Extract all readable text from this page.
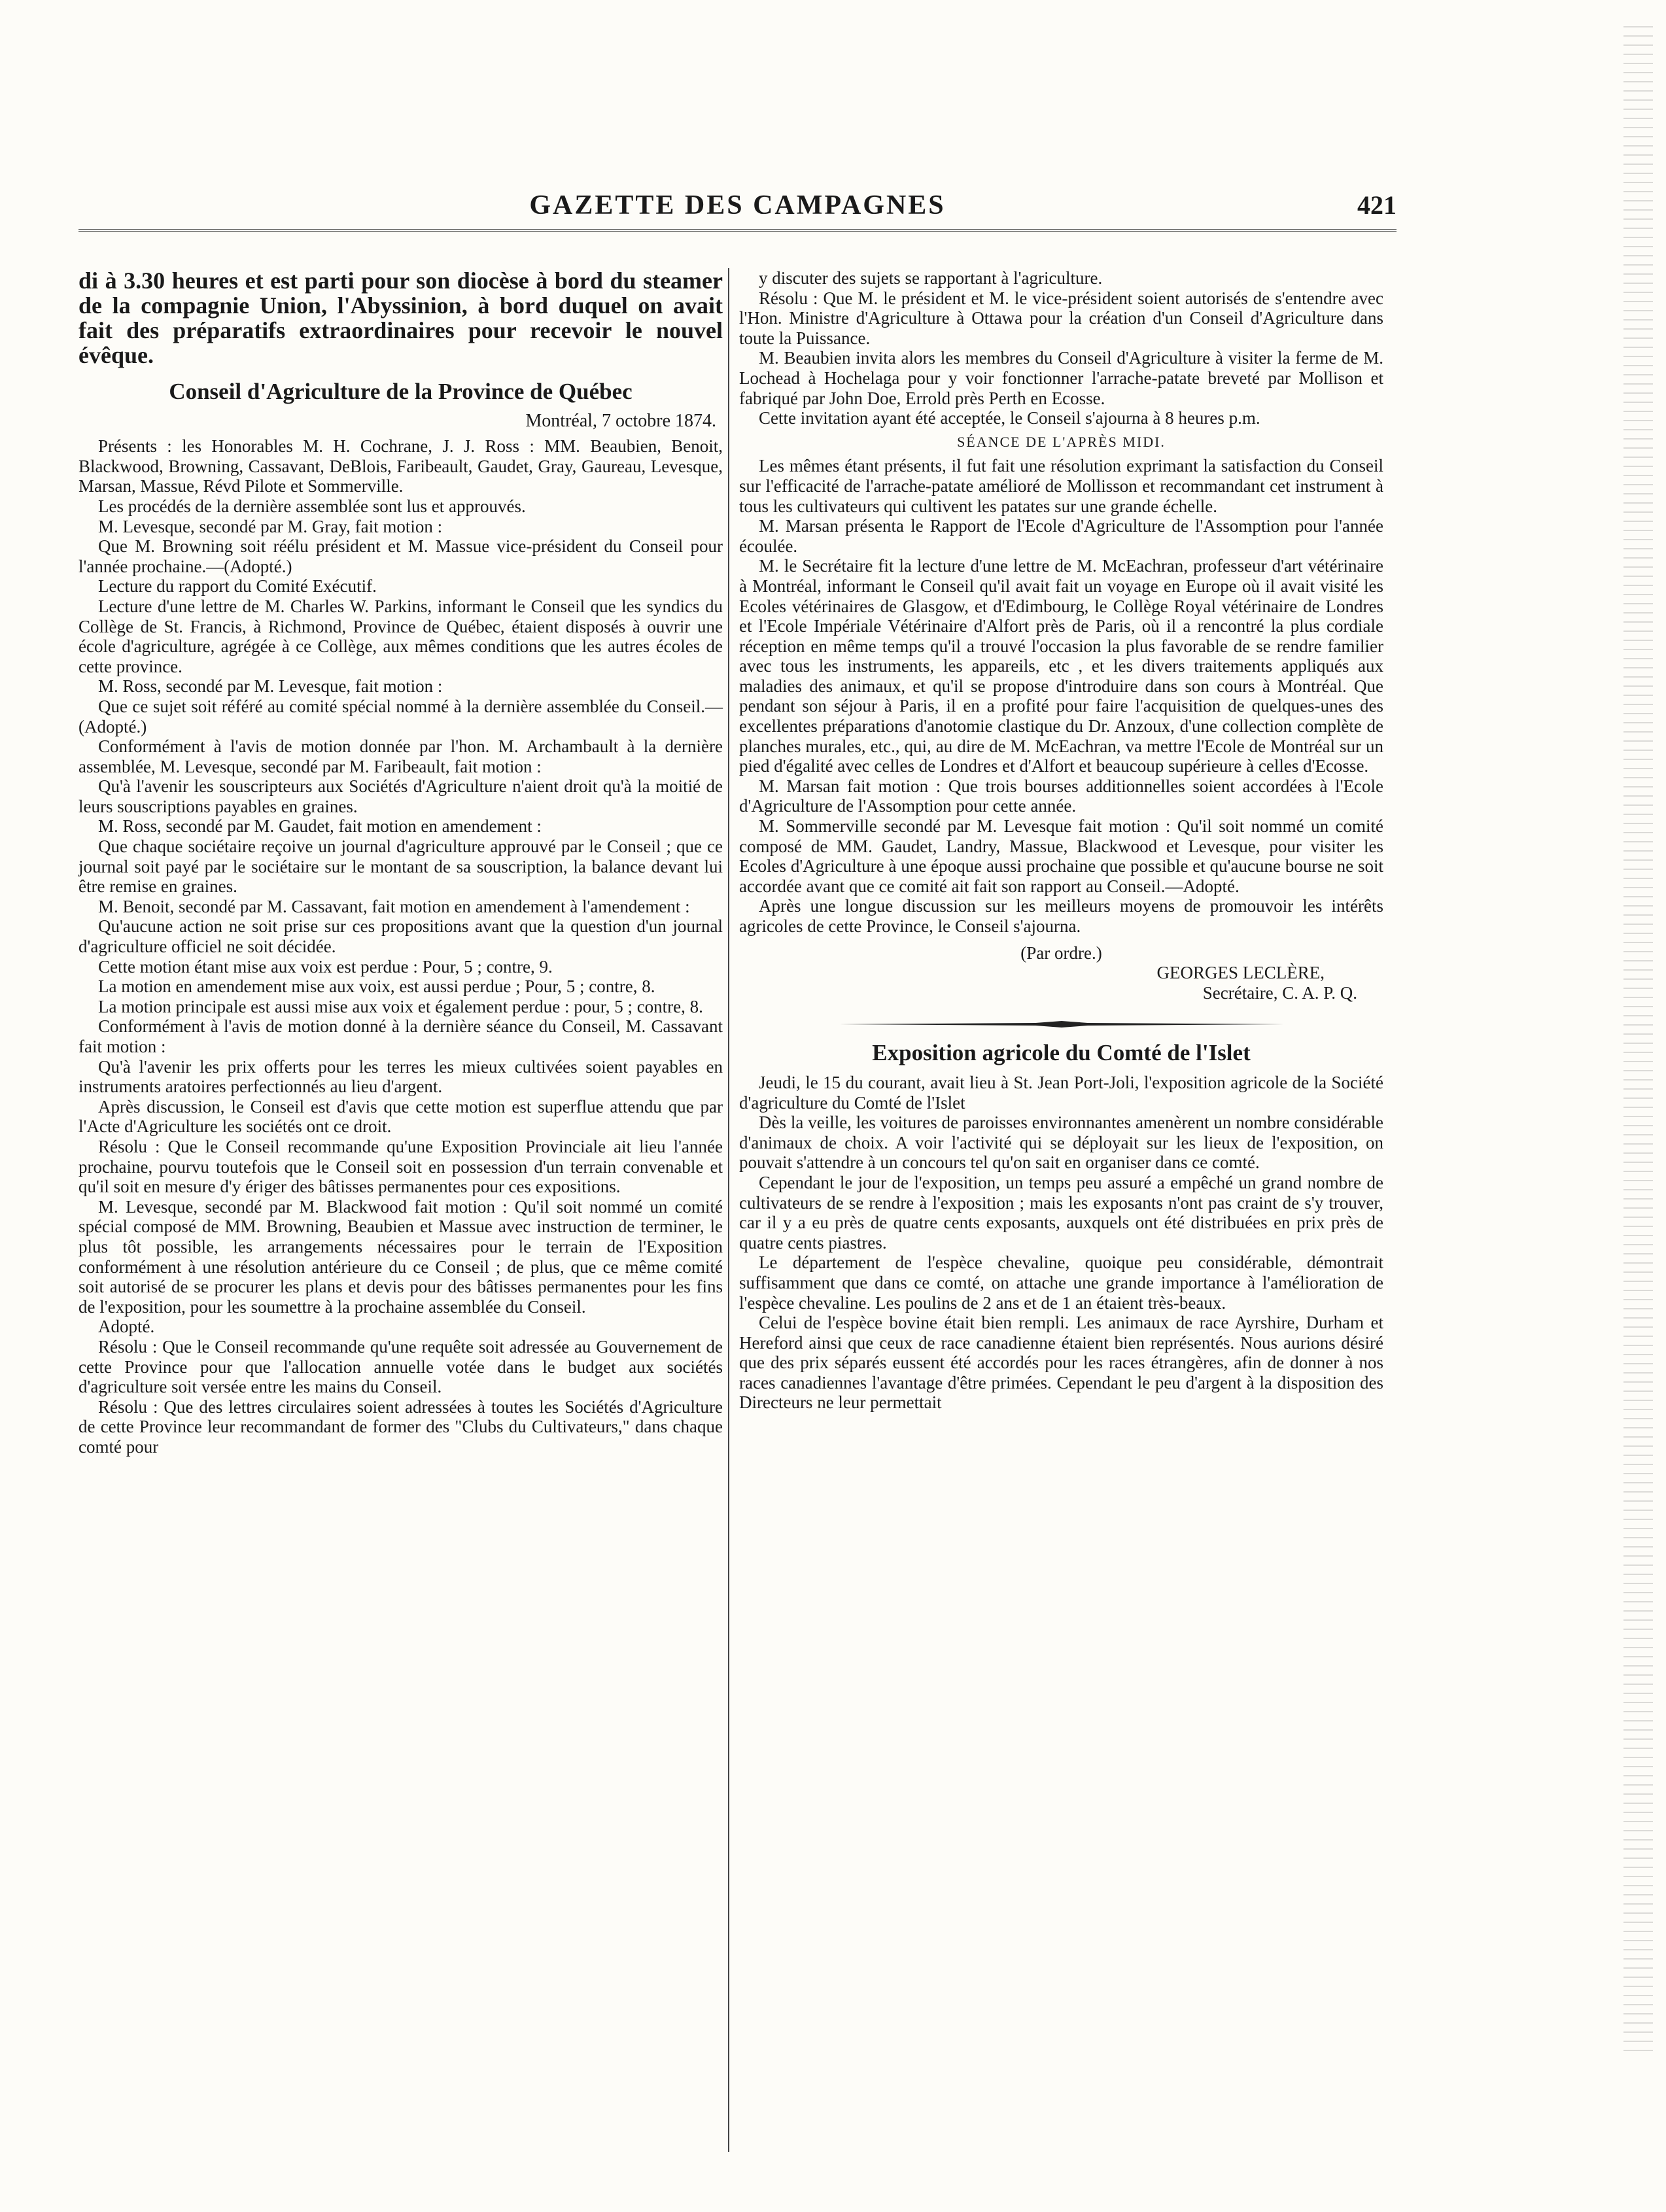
GAZETTE DES CAMPAGNES	421

di à 3.30 heures et est parti pour son diocèse à bord du steamer de la compagnie Union, l'Abyssinion, à bord duquel on avait fait des préparatifs extraordinaires pour recevoir le nouvel évêque.

Conseil d'Agriculture de la Province de Québec
Montréal, 7 octobre 1874.

Présents : les Honorables M. H. Cochrane, J. J. Ross : MM. Beaubien, Benoit, Blackwood, Browning, Cassavant, DeBlois, Faribeault, Gaudet, Gray, Gaureau, Levesque, Marsan, Massue, Révd Pilote et Sommerville.

Les procédés de la dernière assemblée sont lus et approuvés.

M. Levesque, secondé par M. Gray, fait motion :

Que M. Browning soit réélu président et M. Massue vice-président du Conseil pour l'année prochaine.—(Adopté.)

Lecture du rapport du Comité Exécutif.

Lecture d'une lettre de M. Charles W. Parkins, informant le Conseil que les syndics du Collège de St. Francis, à Richmond, Province de Québec, étaient disposés à ouvrir une école d'agriculture, agrégée à ce Collège, aux mêmes conditions que les autres écoles de cette province.

M. Ross, secondé par M. Levesque, fait motion :

Que ce sujet soit référé au comité spécial nommé à la dernière assemblée du Conseil.—(Adopté.)

Conformément à l'avis de motion donnée par l'hon. M. Archambault à la dernière assemblée, M. Levesque, secondé par M. Faribeault, fait motion :

Qu'à l'avenir les souscripteurs aux Sociétés d'Agriculture n'aient droit qu'à la moitié de leurs souscriptions payables en graines.

M. Ross, secondé par M. Gaudet, fait motion en amendement :

Que chaque sociétaire reçoive un journal d'agriculture approuvé par le Conseil ; que ce journal soit payé par le sociétaire sur le montant de sa souscription, la balance devant lui être remise en graines.

M. Benoit, secondé par M. Cassavant, fait motion en amendement à l'amendement :

Qu'aucune action ne soit prise sur ces propositions avant que la question d'un journal d'agriculture officiel ne soit décidée.

Cette motion étant mise aux voix est perdue : Pour, 5 ; contre, 9.

La motion en amendement mise aux voix, est aussi perdue ; Pour, 5 ; contre, 8.

La motion principale est aussi mise aux voix et également perdue : pour, 5 ; contre, 8.

Conformément à l'avis de motion donné à la dernière séance du Conseil, M. Cassavant fait motion :

Qu'à l'avenir les prix offerts pour les terres les mieux cultivées soient payables en instruments aratoires perfectionnés au lieu d'argent.

Après discussion, le Conseil est d'avis que cette motion est superflue attendu que par l'Acte d'Agriculture les sociétés ont ce droit.

Résolu : Que le Conseil recommande qu'une Exposition Provinciale ait lieu l'année prochaine, pourvu toutefois que le Conseil soit en possession d'un terrain convenable et qu'il soit en mesure d'y ériger des bâtisses permanentes pour ces expositions.

M. Levesque, secondé par M. Blackwood fait motion : Qu'il soit nommé un comité spécial composé de MM. Browning, Beaubien et Massue avec instruction de terminer, le plus tôt possible, les arrangements nécessaires pour le terrain de l'Exposition conformément à une résolution antérieure du ce Conseil ; de plus, que ce même comité soit autorisé de se procurer les plans et devis pour des bâtisses permanentes pour les fins de l'exposition, pour les soumettre à la prochaine assemblée du Conseil.

Adopté.

Résolu : Que le Conseil recommande qu'une requête soit adressée au Gouvernement de cette Province pour que l'allocation annuelle votée dans le budget aux sociétés d'agriculture soit versée entre les mains du Conseil.

Résolu : Que des lettres circulaires soient adressées à toutes les Sociétés d'Agriculture de cette Province leur recommandant de former des "Clubs du Cultivateurs," dans chaque comté pour

y discuter des sujets se rapportant à l'agriculture.

Résolu : Que M. le président et M. le vice-président soient autorisés de s'entendre avec l'Hon. Ministre d'Agriculture à Ottawa pour la création d'un Conseil d'Agriculture dans toute la Puissance.

M. Beaubien invita alors les membres du Conseil d'Agriculture à visiter la ferme de M. Lochead à Hochelaga pour y voir fonctionner l'arrache-patate breveté par Mollison et fabriqué par John Doe, Errold près Perth en Ecosse.

Cette invitation ayant été acceptée, le Conseil s'ajourna à 8 heures p.m.

SÉANCE DE L'APRÈS MIDI.

Les mêmes étant présents, il fut fait une résolution exprimant la satisfaction du Conseil sur l'efficacité de l'arrache-patate amélioré de Mollisson et recommandant cet instrument à tous les cultivateurs qui cultivent les patates sur une grande échelle.

M. Marsan présenta le Rapport de l'Ecole d'Agriculture de l'Assomption pour l'année écoulée.

M. le Secrétaire fit la lecture d'une lettre de M. McEachran, professeur d'art vétérinaire à Montréal, informant le Conseil qu'il avait fait un voyage en Europe où il avait visité les Ecoles vétérinaires de Glasgow, et d'Edimbourg, le Collège Royal vétérinaire de Londres et l'Ecole Impériale Vétérinaire d'Alfort près de Paris, où il a rencontré la plus cordiale réception en même temps qu'il a trouvé l'occasion la plus favorable de se rendre familier avec tous les instruments, les appareils, etc , et les divers traitements appliqués aux maladies des animaux, et qu'il se propose d'introduire dans son cours à Montréal. Que pendant son séjour à Paris, il en a profité pour faire l'acquisition de quelques-unes des excellentes préparations d'anotomie clastique du Dr. Anzoux, d'une collection complète de planches murales, etc., qui, au dire de M. McEachran, va mettre l'Ecole de Montréal sur un pied d'égalité avec celles de Londres et d'Alfort et beaucoup supérieure à celles d'Ecosse.

M. Marsan fait motion : Que trois bourses additionnelles soient accordées à l'Ecole d'Agriculture de l'Assomption pour cette année.

M. Sommerville secondé par M. Levesque fait motion : Qu'il soit nommé un comité composé de MM. Gaudet, Landry, Massue, Blackwood et Levesque, pour visiter les Ecoles d'Agriculture à une époque aussi prochaine que possible et qu'aucune bourse ne soit accordée avant que ce comité ait fait son rapport au Conseil.—Adopté.

Après une longue discussion sur les meilleurs moyens de promouvoir les intérêts agricoles de cette Province, le Conseil s'ajourna.

(Par ordre.)
GEORGES LECLÈRE,
Secrétaire, C. A. P. Q.
Exposition agricole du Comté de l'Islet

Jeudi, le 15 du courant, avait lieu à St. Jean Port-Joli, l'exposition agricole de la Société d'agriculture du Comté de l'Islet

Dès la veille, les voitures de paroisses environnantes amenèrent un nombre considérable d'animaux de choix. A voir l'activité qui se déployait sur les lieux de l'exposition, on pouvait s'attendre à un concours tel qu'on sait en organiser dans ce comté.

Cependant le jour de l'exposition, un temps peu assuré a empêché un grand nombre de cultivateurs de se rendre à l'exposition ; mais les exposants n'ont pas craint de s'y trouver, car il y a eu près de quatre cents exposants, auxquels ont été distribuées en prix près de quatre cents piastres.

Le département de l'espèce chevaline, quoique peu considérable, démontrait suffisamment que dans ce comté, on attache une grande importance à l'amélioration de l'espèce chevaline. Les poulins de 2 ans et de 1 an étaient très-beaux.

Celui de l'espèce bovine était bien rempli. Les animaux de race Ayrshire, Durham et Hereford ainsi que ceux de race canadienne étaient bien représentés. Nous aurions désiré que des prix séparés eussent été accordés pour les races étrangères, afin de donner à nos races canadiennes l'avantage d'être primées. Cependant le peu d'argent à la disposition des Directeurs ne leur permettait
